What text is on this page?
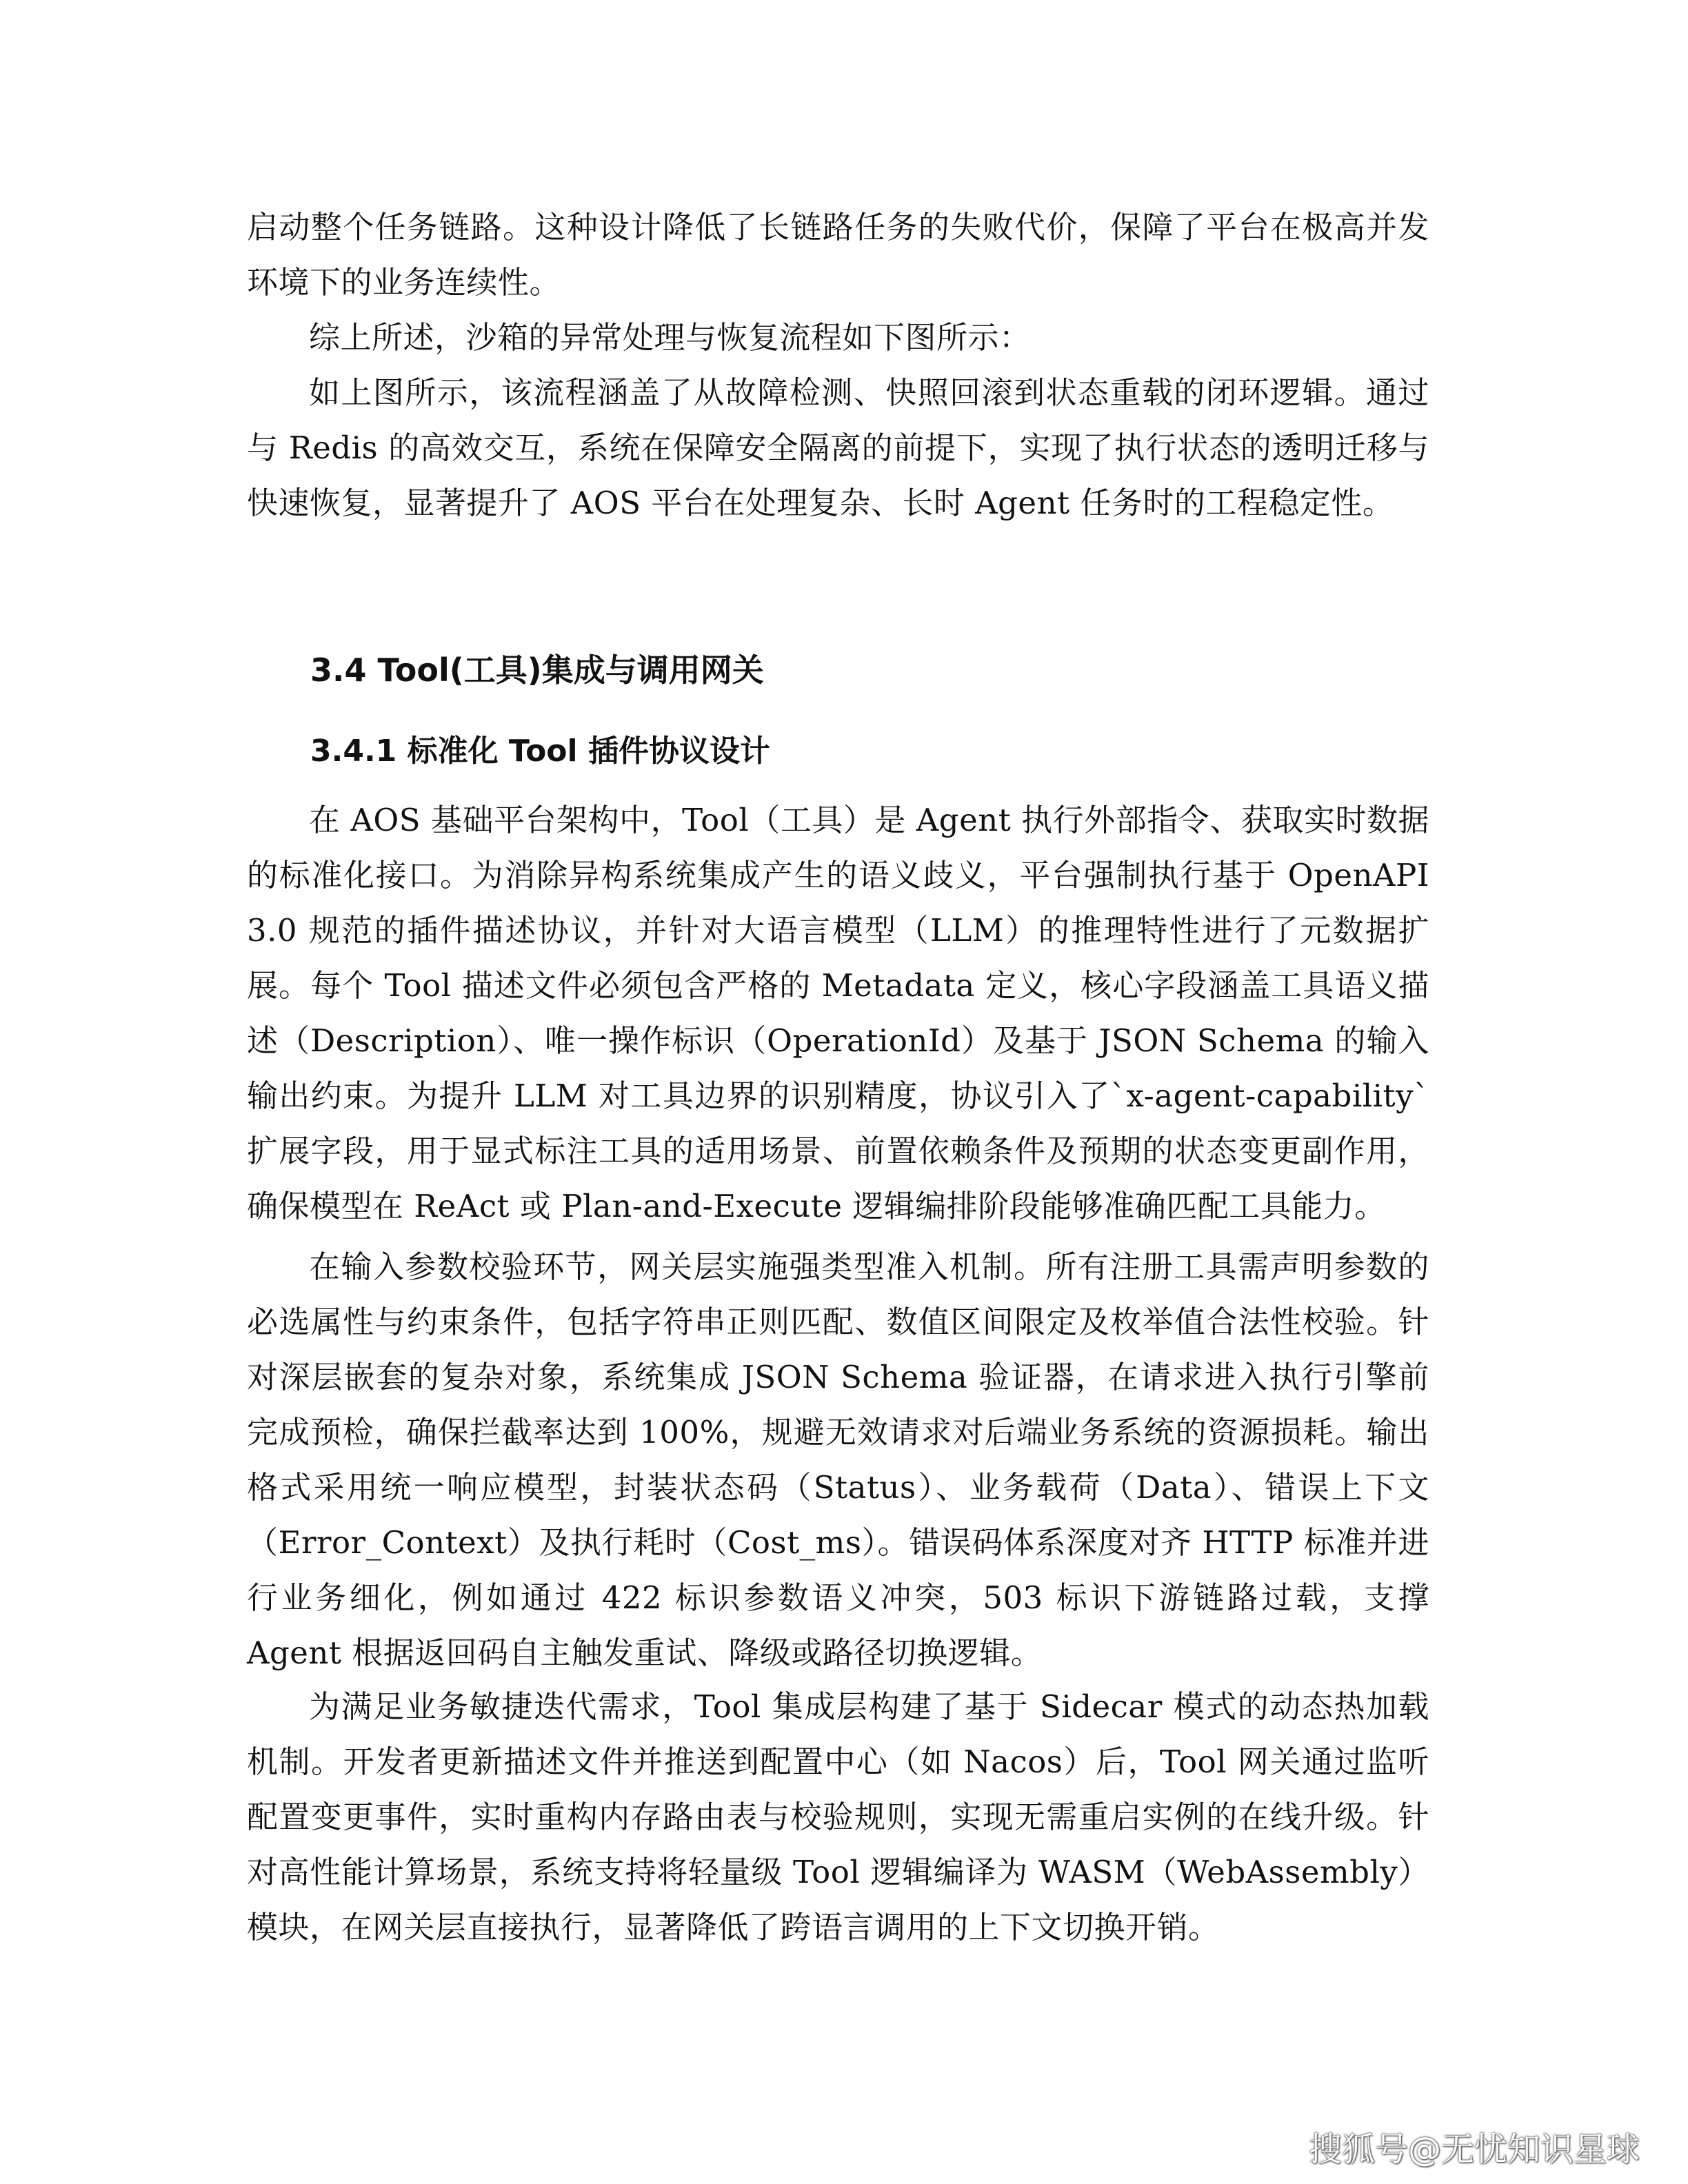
启动整个任务链路。这种设计降低了长链路任务的失败代价，保障了平台在极高并发环境下的业务连续性。

综上所述，沙箱的异常处理与恢复流程如下图所示：

如上图所示，该流程涵盖了从故障检测、快照回滚到状态重载的闭环逻辑。通过与 Redis 的高效交互，系统在保障安全隔离的前提下，实现了执行状态的透明迁移与快速恢复，显著提升了 AOS 平台在处理复杂、长时 Agent 任务时的工程稳定性。

3.4 Tool(工具)集成与调用网关
3.4.1 标准化 Tool 插件协议设计

在 AOS 基础平台架构中，Tool（工具）是 Agent 执行外部指令、获取实时数据的标准化接口。为消除异构系统集成产生的语义歧义，平台强制执行基于 OpenAPI 3.0 规范的插件描述协议，并针对大语言模型（LLM）的推理特性进行了元数据扩展。每个 Tool 描述文件必须包含严格的 Metadata 定义，核心字段涵盖工具语义描述（Description）、唯一操作标识（OperationId）及基于 JSON Schema 的输入输出约束。为提升 LLM 对工具边界的识别精度，协议引入了`x-agent-capability`扩展字段，用于显式标注工具的适用场景、前置依赖条件及预期的状态变更副作用，确保模型在 ReAct 或 Plan-and-Execute 逻辑编排阶段能够准确匹配工具能力。

在输入参数校验环节，网关层实施强类型准入机制。所有注册工具需声明参数的必选属性与约束条件，包括字符串正则匹配、数值区间限定及枚举值合法性校验。针对深层嵌套的复杂对象，系统集成 JSON Schema 验证器，在请求进入执行引擎前完成预检，确保拦截率达到 100%，规避无效请求对后端业务系统的资源损耗。输出格式采用统一响应模型，封装状态码（Status）、业务载荷（Data）、错误上下文（Error_Context）及执行耗时（Cost_ms）。错误码体系深度对齐 HTTP 标准并进行业务细化，例如通过 422 标识参数语义冲突，503 标识下游链路过载，支撑 Agent 根据返回码自主触发重试、降级或路径切换逻辑。

为满足业务敏捷迭代需求，Tool 集成层构建了基于 Sidecar 模式的动态热加载机制。开发者更新描述文件并推送到配置中心（如 Nacos）后，Tool 网关通过监听配置变更事件，实时重构内存路由表与校验规则，实现无需重启实例的在线升级。针对高性能计算场景，系统支持将轻量级 Tool 逻辑编译为 WASM（WebAssembly）模块，在网关层直接执行，显著降低了跨语言调用的上下文切换开销。

搜狐号@无忧知识星球
